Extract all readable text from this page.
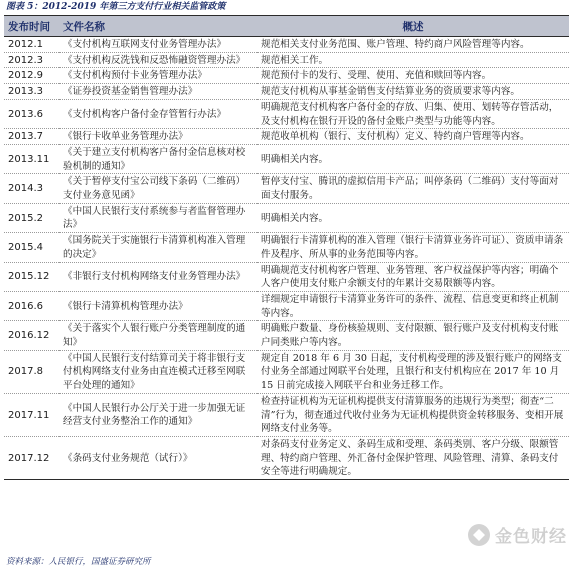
图表 5：2012-2019 年第三方支付行业相关监管政策
发布时间	文件名称	概述
2012.1	《支付机构互联网支付业务管理办法》	规范相关支付业务范围、账户管理、特约商户风险管理等内容。
2012.3	《支付机构反洗钱和反恐怖融资管理办法》	规范相关工作。
2012.9	《支付机构预付卡业务管理办法》	规范预付卡的发行、受理、使用、充值和赎回等内容。
2013.3	《证券投资基金销售管理办法》	规范支付机构从事基金销售支付结算业务的资质要求等内容。
2013.6	《支付机构客户备付金存管暂行办法》	明确规范支付机构客户备付金的存放、归集、使用、划转等存管活动，及支付机构在银行开设的备付金账户类型与功能等内容。
2013.7	《银行卡收单业务管理办法》	规范收单机构（银行、支付机构）定义、特约商户管理等内容。
2013.11	《关于建立支付机构客户备付金信息核对校验机制的通知》	明确相关内容。
2014.3	《关于暂停支付宝公司线下条码（二维码）支付业务意见函》	暂停支付宝、腾讯的虚拟信用卡产品；叫停条码（二维码）支付等面对面支付服务。
2015.2	《中国人民银行支付系统参与者监督管理办法》	明确相关内容。
2015.4	《国务院关于实施银行卡清算机构准入管理的决定》	明确银行卡清算机构的准入管理（银行卡清算业务许可证）、资质申请条件及程序、所从事的业务范围等内容。
2015.12	《非银行支付机构网络支付业务管理办法》	明确规范支付机构客户管理、业务管理、客户权益保护等内容；明确个人客户使用支付账户余额支付的年累计交易限额等内容。
2016.6	《银行卡清算机构管理办法》	详细规定申请银行卡清算业务许可的条件、流程、信息变更和终止机制等内容。
2016.12	《关于落实个人银行账户分类管理制度的通知》	明确账户数量、身份核验规则、支付限额、银行账户及支付机构支付账户同类账户等内容。
2017.8	《中国人民银行支付结算司关于将非银行支付机构网络支付业务由直连模式迁移至网联平台处理的通知》	规定自 2018 年 6 月 30 日起，支付机构受理的涉及银行账户的网络支付业务全部通过网联平台处理，且银行和支付机构应在 2017 年 10 月 15 日前完成接入网联平台和业务迁移工作。
2017.11	《中国人民银行办公厅关于进一步加强无证经营支付业务整治工作的通知》	检查持证机构为无证机构提供支付清算服务的违规行为类型；彻查“二清”行为，彻查通过代收付业务为无证机构提供资金转移服务、变相开展网络支付业务等。
2017.12	《条码支付业务规范（试行）》	对条码支付业务定义、条码生成和受理、条码类别、客户分级、限额管理、特约商户管理、外汇备付金保护管理、风险管理、清算、条码支付安全等进行明确规定。
资料来源：人民银行，国盛证券研究所
金色财经
